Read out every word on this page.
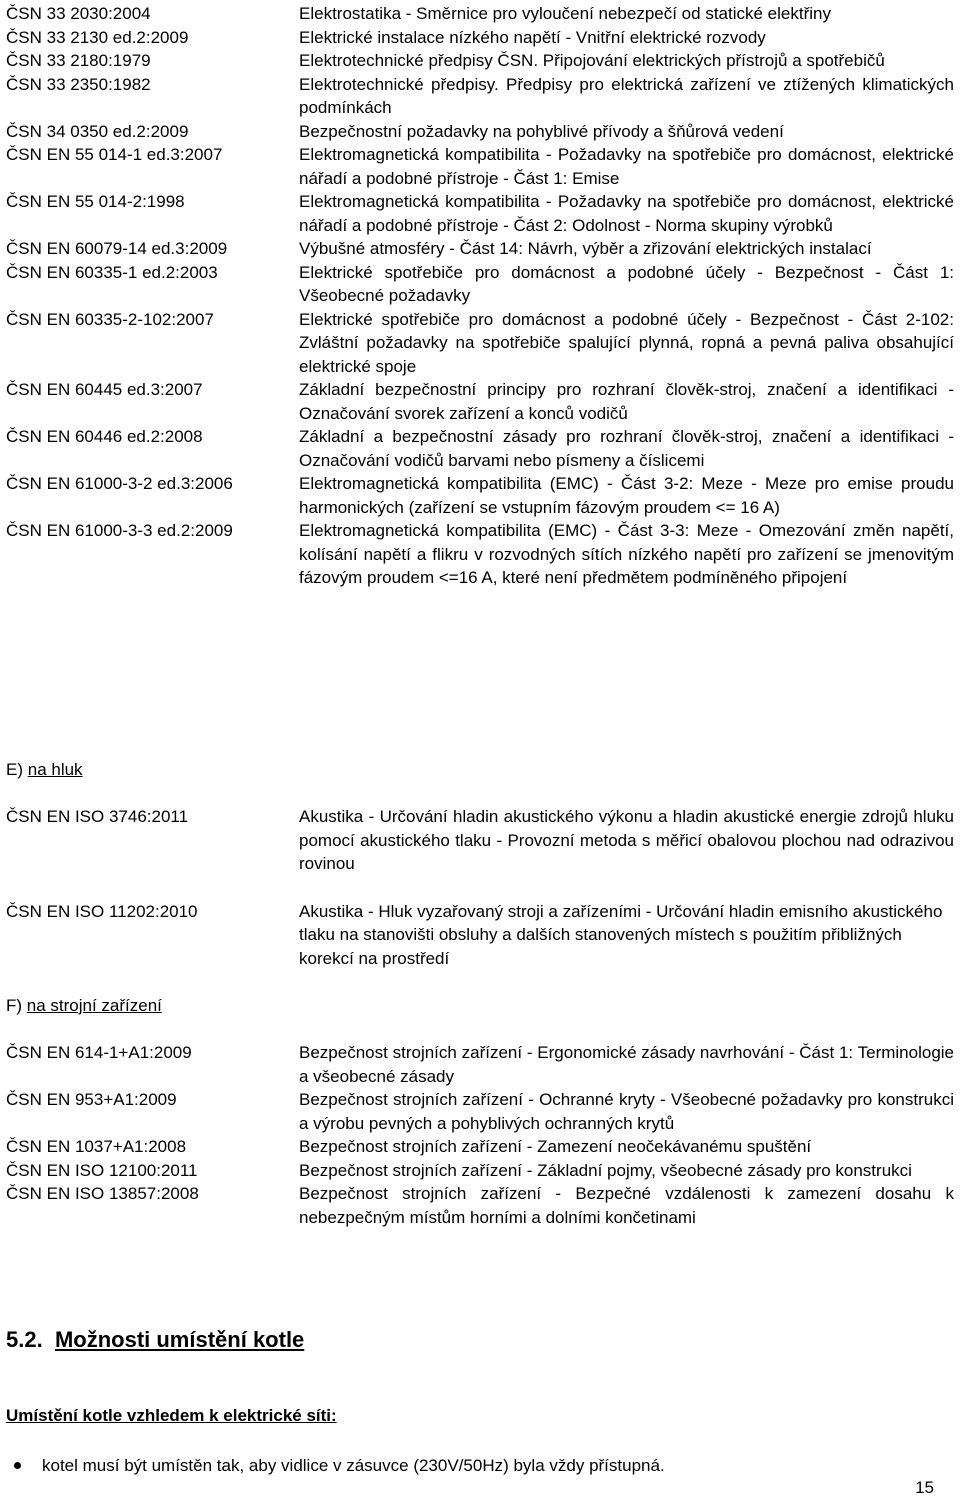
ČSN 33 2030:2004	Elektrostatika - Směrnice pro vyloučení nebezpečí od statické elektřiny
ČSN 33 2130 ed.2:2009	Elektrické instalace nízkého napětí - Vnitřní elektrické rozvody
ČSN 33 2180:1979	Elektrotechnické předpisy ČSN. Připojování elektrických přístrojů a spotřebičů
ČSN 33 2350:1982	Elektrotechnické předpisy. Předpisy pro elektrická zařízení ve ztížených klimatických podmínkách
ČSN 34 0350 ed.2:2009	Bezpečnostní požadavky na pohyblivé přívody a šňůrová vedení
ČSN EN 55 014-1 ed.3:2007	Elektromagnetická kompatibilita - Požadavky na spotřebiče pro domácnost, elektrické nářadí a podobné přístroje - Část 1: Emise
ČSN EN 55 014-2:1998	Elektromagnetická kompatibilita - Požadavky na spotřebiče pro domácnost, elektrické nářadí a podobné přístroje - Část 2: Odolnost - Norma skupiny výrobků
ČSN EN 60079-14 ed.3:2009	Výbušné atmosféry - Část 14: Návrh, výběr a zřizování elektrických instalací
ČSN EN 60335-1 ed.2:2003	Elektrické spotřebiče pro domácnost a podobné účely - Bezpečnost - Část 1: Všeobecné požadavky
ČSN EN 60335-2-102:2007	Elektrické spotřebiče pro domácnost a podobné účely - Bezpečnost - Část 2-102: Zvláštní požadavky na spotřebiče spalující plynná, ropná a pevná paliva obsahující elektrické spoje
ČSN EN 60445 ed.3:2007	Základní bezpečnostní principy pro rozhraní člověk-stroj, značení a identifikaci - Označování svorek zařízení a konců vodičů
ČSN EN 60446 ed.2:2008	Základní a bezpečnostní zásady pro rozhraní člověk-stroj, značení a identifikaci - Označování vodičů barvami nebo písmeny a číslicemi
ČSN EN 61000-3-2 ed.3:2006	Elektromagnetická kompatibilita (EMC) - Část 3-2: Meze - Meze pro emise proudu harmonických (zařízení se vstupním fázovým proudem <= 16 A)
ČSN EN 61000-3-3 ed.2:2009	Elektromagnetická kompatibilita (EMC) - Část 3-3: Meze - Omezování změn napětí, kolísání napětí a flikru v rozvodných sítích nízkého napětí pro zařízení se jmenovitým fázovým proudem <=16 A, které není předmětem podmíněného připojení
E) na hluk
ČSN EN ISO 3746:2011	Akustika - Určování hladin akustického výkonu a hladin akustické energie zdrojů hluku pomocí akustického tlaku - Provozní metoda s měřicí obalovou plochou nad odrazivou rovinou
ČSN EN ISO 11202:2010	Akustika - Hluk vyzařovaný stroji a zařízeními - Určování hladin emisního akustického tlaku na stanovišti obsluhy a dalších stanovených místech s použitím přibližných korekcí na prostředí
F) na strojní zařízení
ČSN EN 614-1+A1:2009	Bezpečnost strojních zařízení - Ergonomické zásady navrhování - Část 1: Terminologie a všeobecné zásady
ČSN EN 953+A1:2009	Bezpečnost strojních zařízení - Ochranné kryty - Všeobecné požadavky pro konstrukci a výrobu pevných a pohyblivých ochranných krytů
ČSN EN 1037+A1:2008	Bezpečnost strojních zařízení - Zamezení neočekávanému spuštění
ČSN EN ISO 12100:2011	Bezpečnost strojních zařízení - Základní pojmy, všeobecné zásady pro konstrukci
ČSN EN ISO 13857:2008	Bezpečnost strojních zařízení - Bezpečné vzdálenosti k zamezení dosahu k nebezpečným místům horními a dolními končetinami
5.2. Možnosti umístění kotle
Umístění kotle vzhledem k elektrické síti:
kotel musí být umístěn tak, aby vidlice v zásuvce (230V/50Hz) byla vždy přístupná.
15
